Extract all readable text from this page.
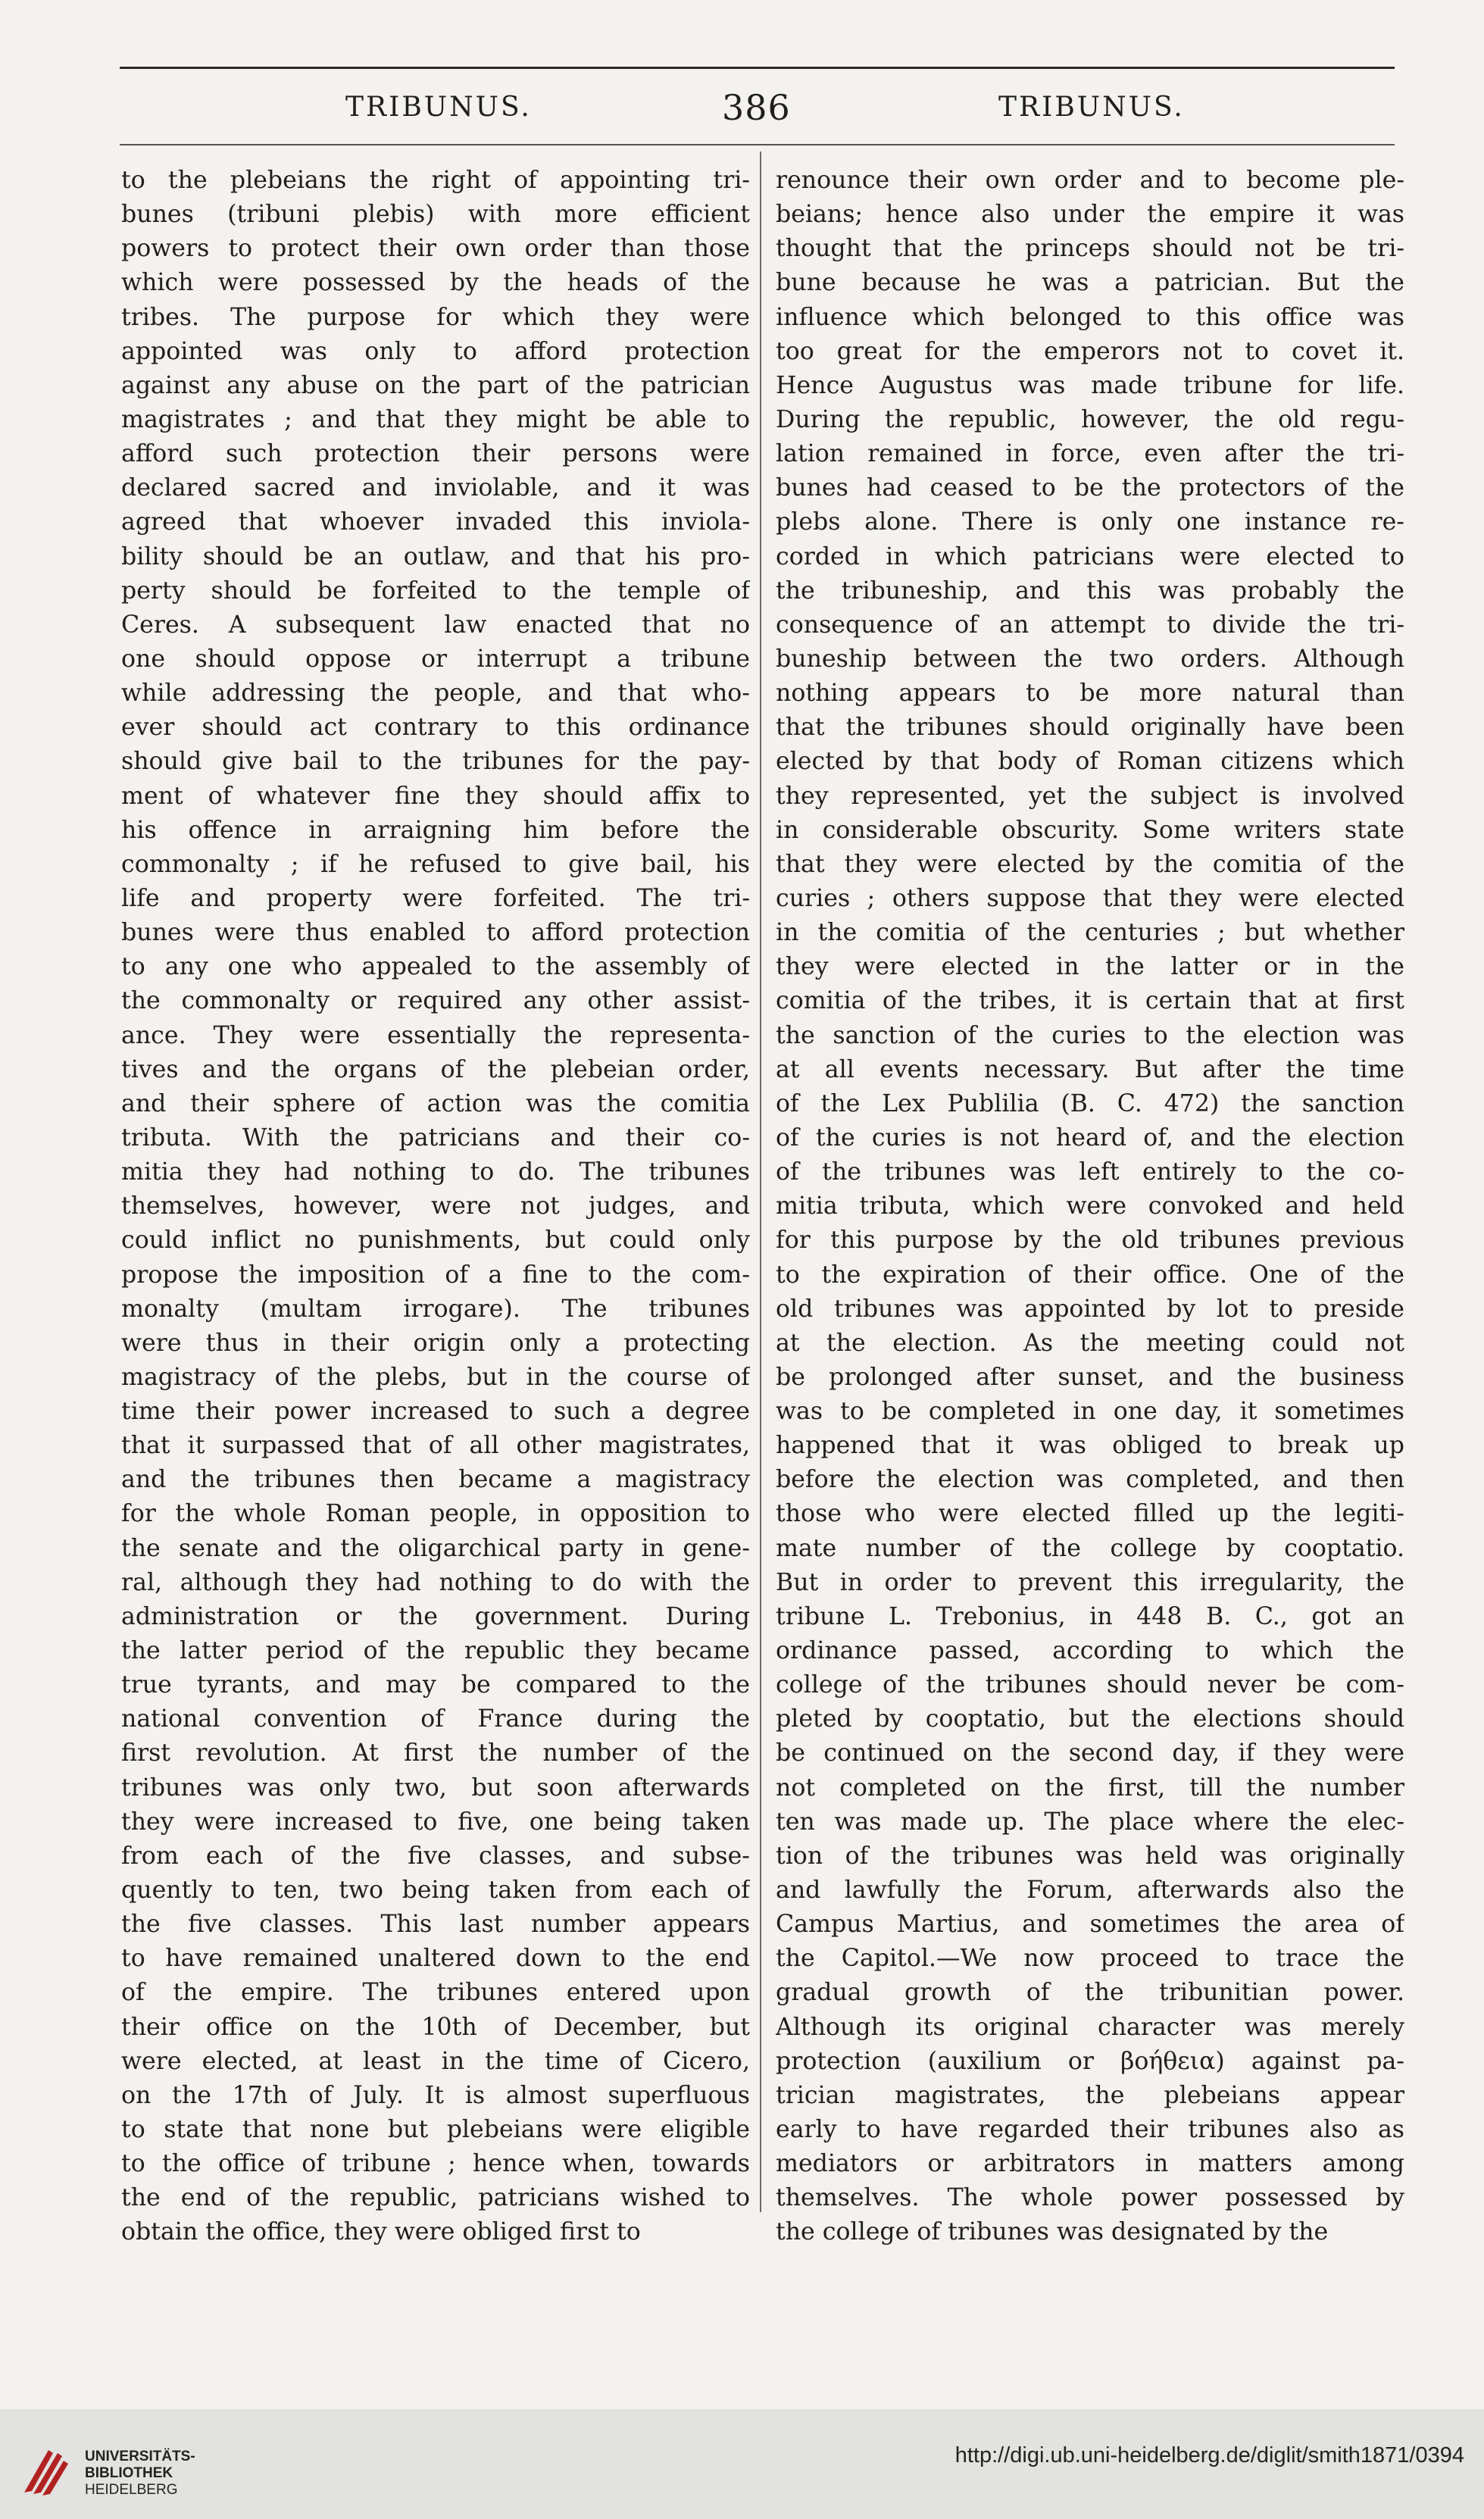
TRIBUNUS.	386	TRIBUNUS.
to the plebeians the right of appointing tri-
bunes (tribuni plebis) with more efficient
powers to protect their own order than those
which were possessed by the heads of the
tribes. The purpose for which they were
appointed was only to afford protection
against any abuse on the part of the patrician
magistrates ; and that they might be able to
afford such protection their persons were
declared sacred and inviolable, and it was
agreed that whoever invaded this inviola-
bility should be an outlaw, and that his pro-
perty should be forfeited to the temple of
Ceres. A subsequent law enacted that no
one should oppose or interrupt a tribune
while addressing the people, and that who-
ever should act contrary to this ordinance
should give bail to the tribunes for the pay-
ment of whatever fine they should affix to
his offence in arraigning him before the
commonalty ; if he refused to give bail, his
life and property were forfeited. The tri-
bunes were thus enabled to afford protection
to any one who appealed to the assembly of
the commonalty or required any other assist-
ance. They were essentially the representa-
tives and the organs of the plebeian order,
and their sphere of action was the comitia
tributa. With the patricians and their co-
mitia they had nothing to do. The tribunes
themselves, however, were not judges, and
could inflict no punishments, but could only
propose the imposition of a fine to the com-
monalty (multam irrogare). The tribunes
were thus in their origin only a protecting
magistracy of the plebs, but in the course of
time their power increased to such a degree
that it surpassed that of all other magistrates,
and the tribunes then became a magistracy
for the whole Roman people, in opposition to
the senate and the oligarchical party in gene-
ral, although they had nothing to do with the
administration or the government. During
the latter period of the republic they became
true tyrants, and may be compared to the
national convention of France during the
first revolution. At first the number of the
tribunes was only two, but soon afterwards
they were increased to five, one being taken
from each of the five classes, and subse-
quently to ten, two being taken from each of
the five classes. This last number appears
to have remained unaltered down to the end
of the empire. The tribunes entered upon
their office on the 10th of December, but
were elected, at least in the time of Cicero,
on the 17th of July. It is almost superfluous
to state that none but plebeians were eligible
to the office of tribune ; hence when, towards
the end of the republic, patricians wished to
obtain the office, they were obliged first to
renounce their own order and to become ple-
beians; hence also under the empire it was
thought that the princeps should not be tri-
bune because he was a patrician. But the
influence which belonged to this office was
too great for the emperors not to covet it.
Hence Augustus was made tribune for life.
During the republic, however, the old regu-
lation remained in force, even after the tri-
bunes had ceased to be the protectors of the
plebs alone. There is only one instance re-
corded in which patricians were elected to
the tribuneship, and this was probably the
consequence of an attempt to divide the tri-
buneship between the two orders. Although
nothing appears to be more natural than
that the tribunes should originally have been
elected by that body of Roman citizens which
they represented, yet the subject is involved
in considerable obscurity. Some writers state
that they were elected by the comitia of the
curies ; others suppose that they were elected
in the comitia of the centuries ; but whether
they were elected in the latter or in the
comitia of the tribes, it is certain that at first
the sanction of the curies to the election was
at all events necessary. But after the time
of the Lex Publilia (B. C. 472) the sanction
of the curies is not heard of, and the election
of the tribunes was left entirely to the co-
mitia tributa, which were convoked and held
for this purpose by the old tribunes previous
to the expiration of their office. One of the
old tribunes was appointed by lot to preside
at the election. As the meeting could not
be prolonged after sunset, and the business
was to be completed in one day, it sometimes
happened that it was obliged to break up
before the election was completed, and then
those who were elected filled up the legiti-
mate number of the college by cooptatio.
But in order to prevent this irregularity, the
tribune L. Trebonius, in 448 B. C., got an
ordinance passed, according to which the
college of the tribunes should never be com-
pleted by cooptatio, but the elections should
be continued on the second day, if they were
not completed on the first, till the number
ten was made up. The place where the elec-
tion of the tribunes was held was originally
and lawfully the Forum, afterwards also the
Campus Martius, and sometimes the area of
the Capitol.—We now proceed to trace the
gradual growth of the tribunitian power.
Although its original character was merely
protection (auxilium or βοήθεια) against pa-
trician magistrates, the plebeians appear
early to have regarded their tribunes also as
mediators or arbitrators in matters among
themselves. The whole power possessed by
the college of tribunes was designated by the
UNIVERSITÄTS-
BIBLIOTHEK
HEIDELBERG
http://digi.ub.uni-heidelberg.de/diglit/smith1871/0394
